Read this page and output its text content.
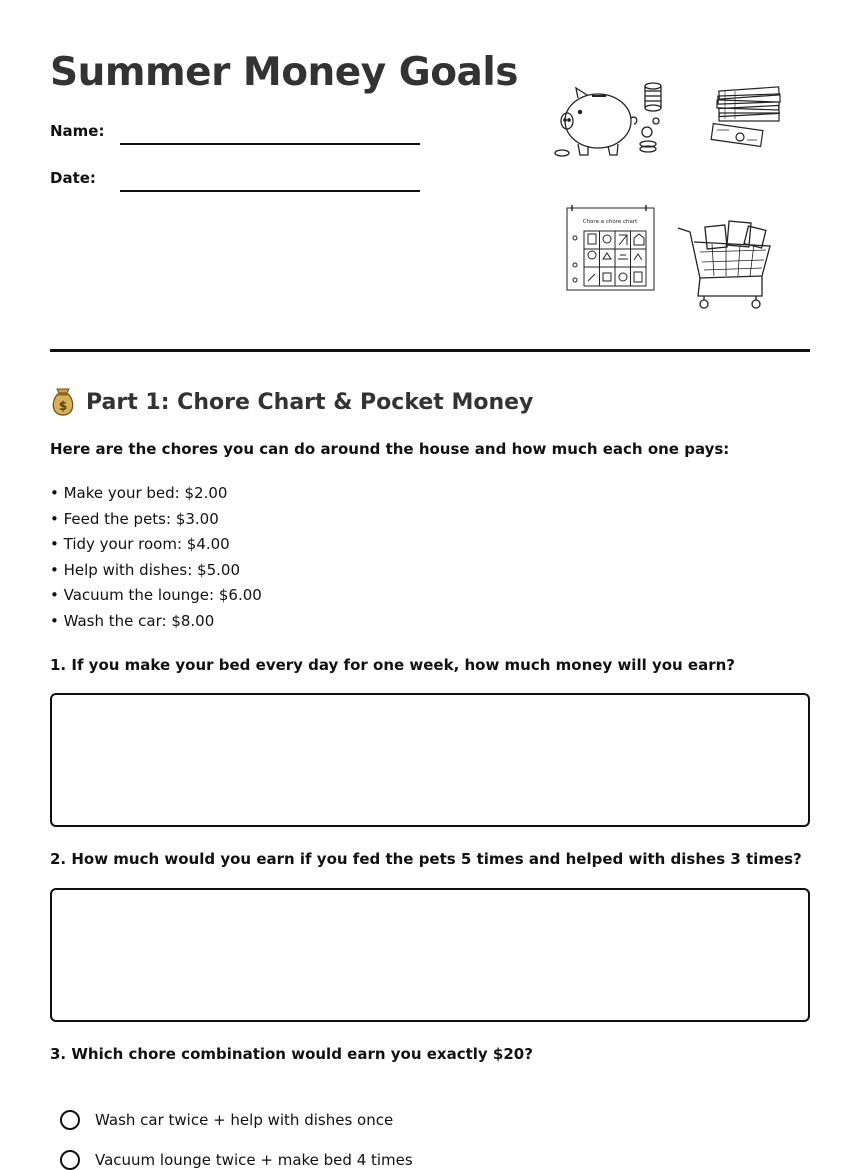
Summer Money Goals
Name:
Date:
Chore a chore chart
$ Part 1: Chore Chart & Pocket Money
Here are the chores you can do around the house and how much each one pays:
• Make your bed: $2.00
• Feed the pets: $3.00
• Tidy your room: $4.00
• Help with dishes: $5.00
• Vacuum the lounge: $6.00
• Wash the car: $8.00
1. If you make your bed every day for one week, how much money will you earn?
2. How much would you earn if you fed the pets 5 times and helped with dishes 3 times?
3. Which chore combination would earn you exactly $20?
Wash car twice + help with dishes once
Vacuum lounge twice + make bed 4 times
